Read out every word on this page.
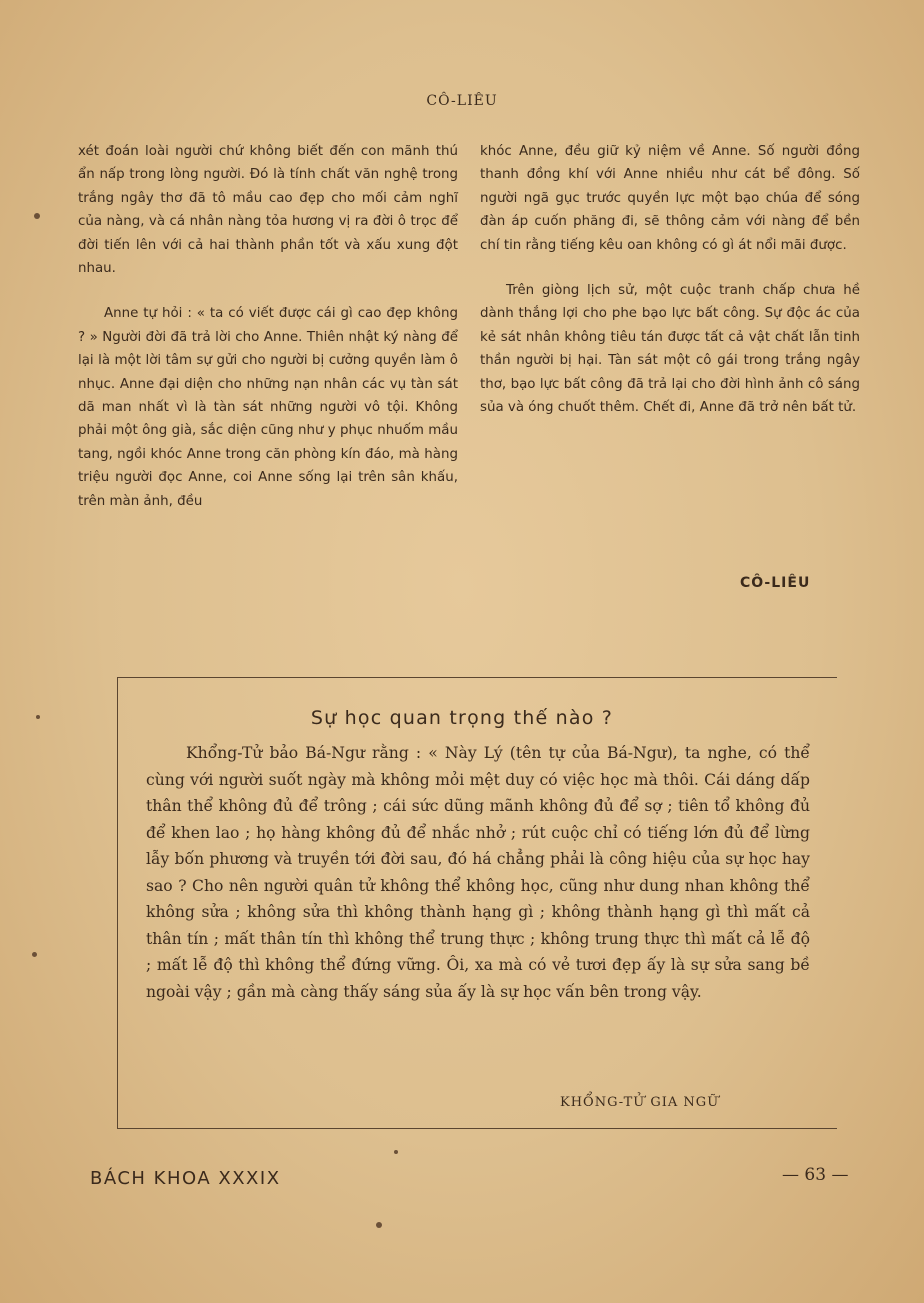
CÔ-LIÊU

xét đoán loài người chứ không biết đến con mãnh thú ẩn nấp trong lòng người. Đó là tính chất văn nghệ trong trắng ngây thơ đã tô mầu cao đẹp cho mối cảm nghĩ của nàng, và cá nhân nàng tỏa hương vị ra đời ô trọc để đời tiến lên với cả hai thành phần tốt và xấu xung đột nhau.

Anne tự hỏi : « ta có viết được cái gì cao đẹp không ? » Người đời đã trả lời cho Anne. Thiên nhật ký nàng để lại là một lời tâm sự gửi cho người bị cưởng quyền làm ô nhục. Anne đại diện cho những nạn nhân các vụ tàn sát dã man nhất vì là tàn sát những người vô tội. Không phải một ông già, sắc diện cũng như y phục nhuốm mầu tang, ngồi khóc Anne trong căn phòng kín đáo, mà hàng triệu người đọc Anne, coi Anne sống lại trên sân khấu, trên màn ảnh, đều

khóc Anne, đều giữ kỷ niệm về Anne. Số người đồng thanh đồng khí với Anne nhiều như cát bể đông. Số người ngã gục trước quyền lực một bạo chúa để sóng đàn áp cuốn phăng đi, sẽ thông cảm với nàng để bền chí tin rằng tiếng kêu oan không có gì át nổi mãi được.

Trên giòng lịch sử, một cuộc tranh chấp chưa hề dành thắng lợi cho phe bạo lực bất công. Sự độc ác của kẻ sát nhân không tiêu tán được tất cả vật chất lẫn tinh thần người bị hại. Tàn sát một cô gái trong trắng ngây thơ, bạo lực bất công đã trả lại cho đời hình ảnh cô sáng sủa và óng chuốt thêm. Chết đi, Anne đã trở nên bất tử.

CÔ-LIÊU
Sự học quan trọng thế nào ?
Khổng-Tử bảo Bá-Ngư rằng : « Này Lý (tên tự của Bá-Ngư), ta nghe, có thể cùng với người suốt ngày mà không mỏi mệt duy có việc học mà thôi. Cái dáng dấp thân thể không đủ để trông ; cái sức dũng mãnh không đủ để sợ ; tiên tổ không đủ để khen lao ; họ hàng không đủ để nhắc nhở ; rút cuộc chỉ có tiếng lớn đủ để lừng lẫy bốn phương và truyền tới đời sau, đó há chẳng phải là công hiệu của sự học hay sao ? Cho nên người quân tử không thể không học, cũng như dung nhan không thể không sửa ; không sửa thì không thành hạng gì ; không thành hạng gì thì mất cả thân tín ; mất thân tín thì không thể trung thực ; không trung thực thì mất cả lễ độ ; mất lễ độ thì không thể đứng vững. Ôi, xa mà có vẻ tươi đẹp ấy là sự sửa sang bề ngoài vậy ; gần mà càng thấy sáng sủa ấy là sự học vấn bên trong vậy.
KHỔNG-TỬ GIA NGỮ
BÁCH KHOA XXXIX	— 63 —
